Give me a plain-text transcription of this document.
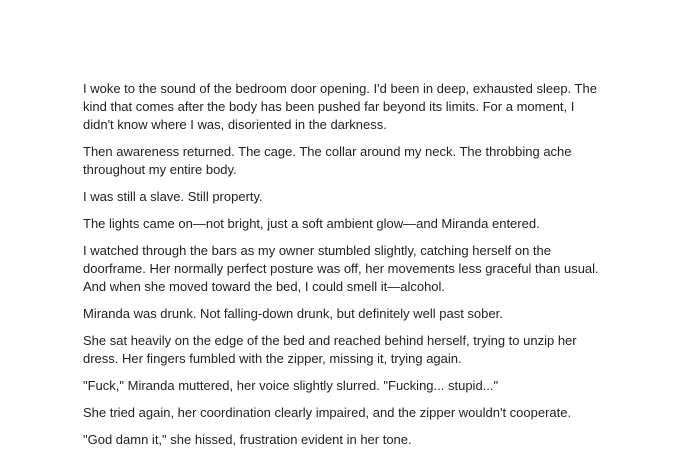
I woke to the sound of the bedroom door opening. I'd been in deep, exhausted sleep. The kind that comes after the body has been pushed far beyond its limits. For a moment, I didn't know where I was, disoriented in the darkness.

Then awareness returned. The cage. The collar around my neck. The throbbing ache throughout my entire body.

I was still a slave. Still property.

The lights came on—not bright, just a soft ambient glow—and Miranda entered.

I watched through the bars as my owner stumbled slightly, catching herself on the doorframe. Her normally perfect posture was off, her movements less graceful than usual. And when she moved toward the bed, I could smell it—alcohol.

Miranda was drunk. Not falling-down drunk, but definitely well past sober.

She sat heavily on the edge of the bed and reached behind herself, trying to unzip her dress. Her fingers fumbled with the zipper, missing it, trying again.

"Fuck," Miranda muttered, her voice slightly slurred. "Fucking... stupid..."

She tried again, her coordination clearly impaired, and the zipper wouldn't cooperate.

"God damn it," she hissed, frustration evident in her tone.
